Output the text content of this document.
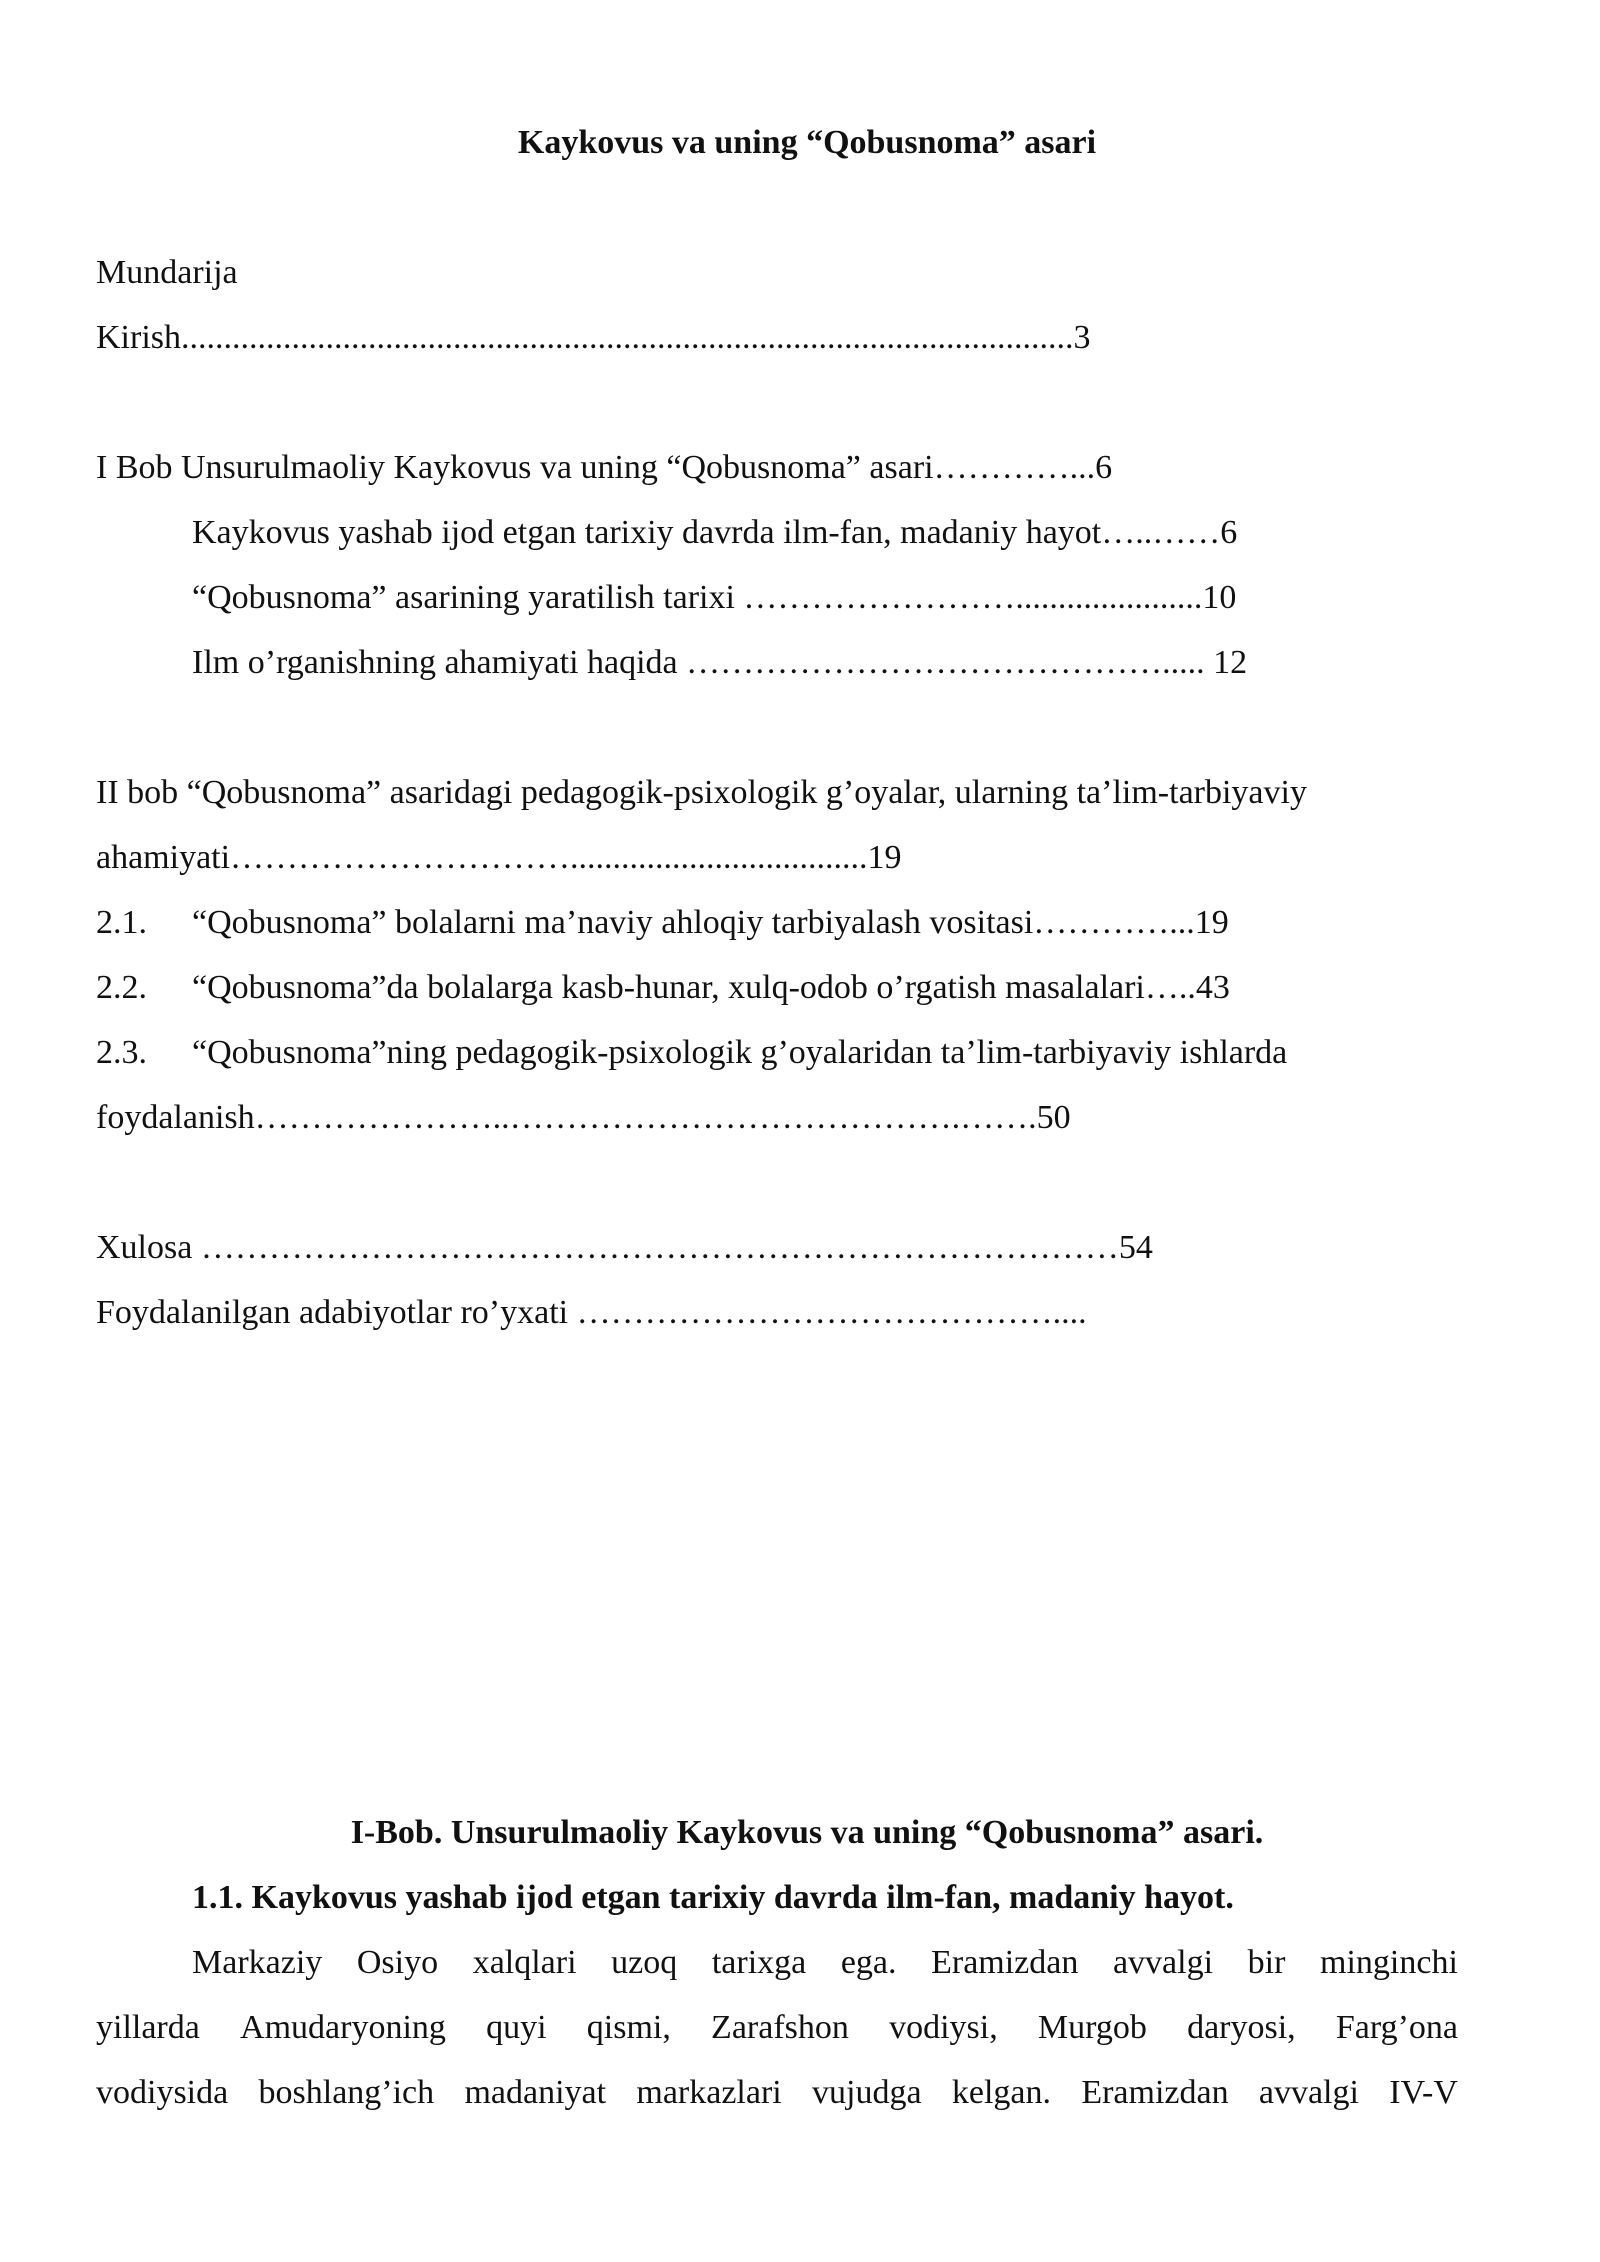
Kaykovus va uning “Qobusnoma” asari
Mundarija
Kirish.........................................................................................................3
I Bob Unsurulmaoliy Kaykovus va uning “Qobusnoma” asari…………...6
Kaykovus yashab ijod etgan tarixiy davrda ilm-fan, madaniy hayot…..……6
“Qobusnoma” asarining yaratilish tarixi ……………………......................10
Ilm o’rganishning ahamiyati haqida ……………………………………..... 12
II bob “Qobusnoma” asaridagi pedagogik-psixologik g’oyalar, ularning ta’lim-tarbiyaviy
ahamiyati…………………………...................................19
2.1. “Qobusnoma” bolalarni ma’naviy ahloqiy tarbiyalash vositasi…………...19
2.2. “Qobusnoma”da bolalarga kasb-hunar, xulq-odob o’rgatish masalalari…..43
2.3. “Qobusnoma”ning pedagogik-psixologik g’oyalaridan ta’lim-tarbiyaviy ishlarda
foydalanish…………………..………………………………….…….50
Xulosa ………………………………………………………………………54
Foydalanilgan adabiyotlar ro’yxati ……………………………………....
I-Bob. Unsurulmaoliy Kaykovus va uning “Qobusnoma” asari.
1.1. Kaykovus yashab ijod etgan tarixiy davrda ilm-fan, madaniy hayot.
Markaziy Osiyo xalqlari uzoq tarixga ega. Eramizdan avvalgi bir minginchi
yillarda Amudaryoning quyi qismi, Zarafshon vodiysi, Murgob daryosi, Farg’ona
vodiysida boshlang’ich madaniyat markazlari vujudga kelgan. Eramizdan avvalgi IV-V
